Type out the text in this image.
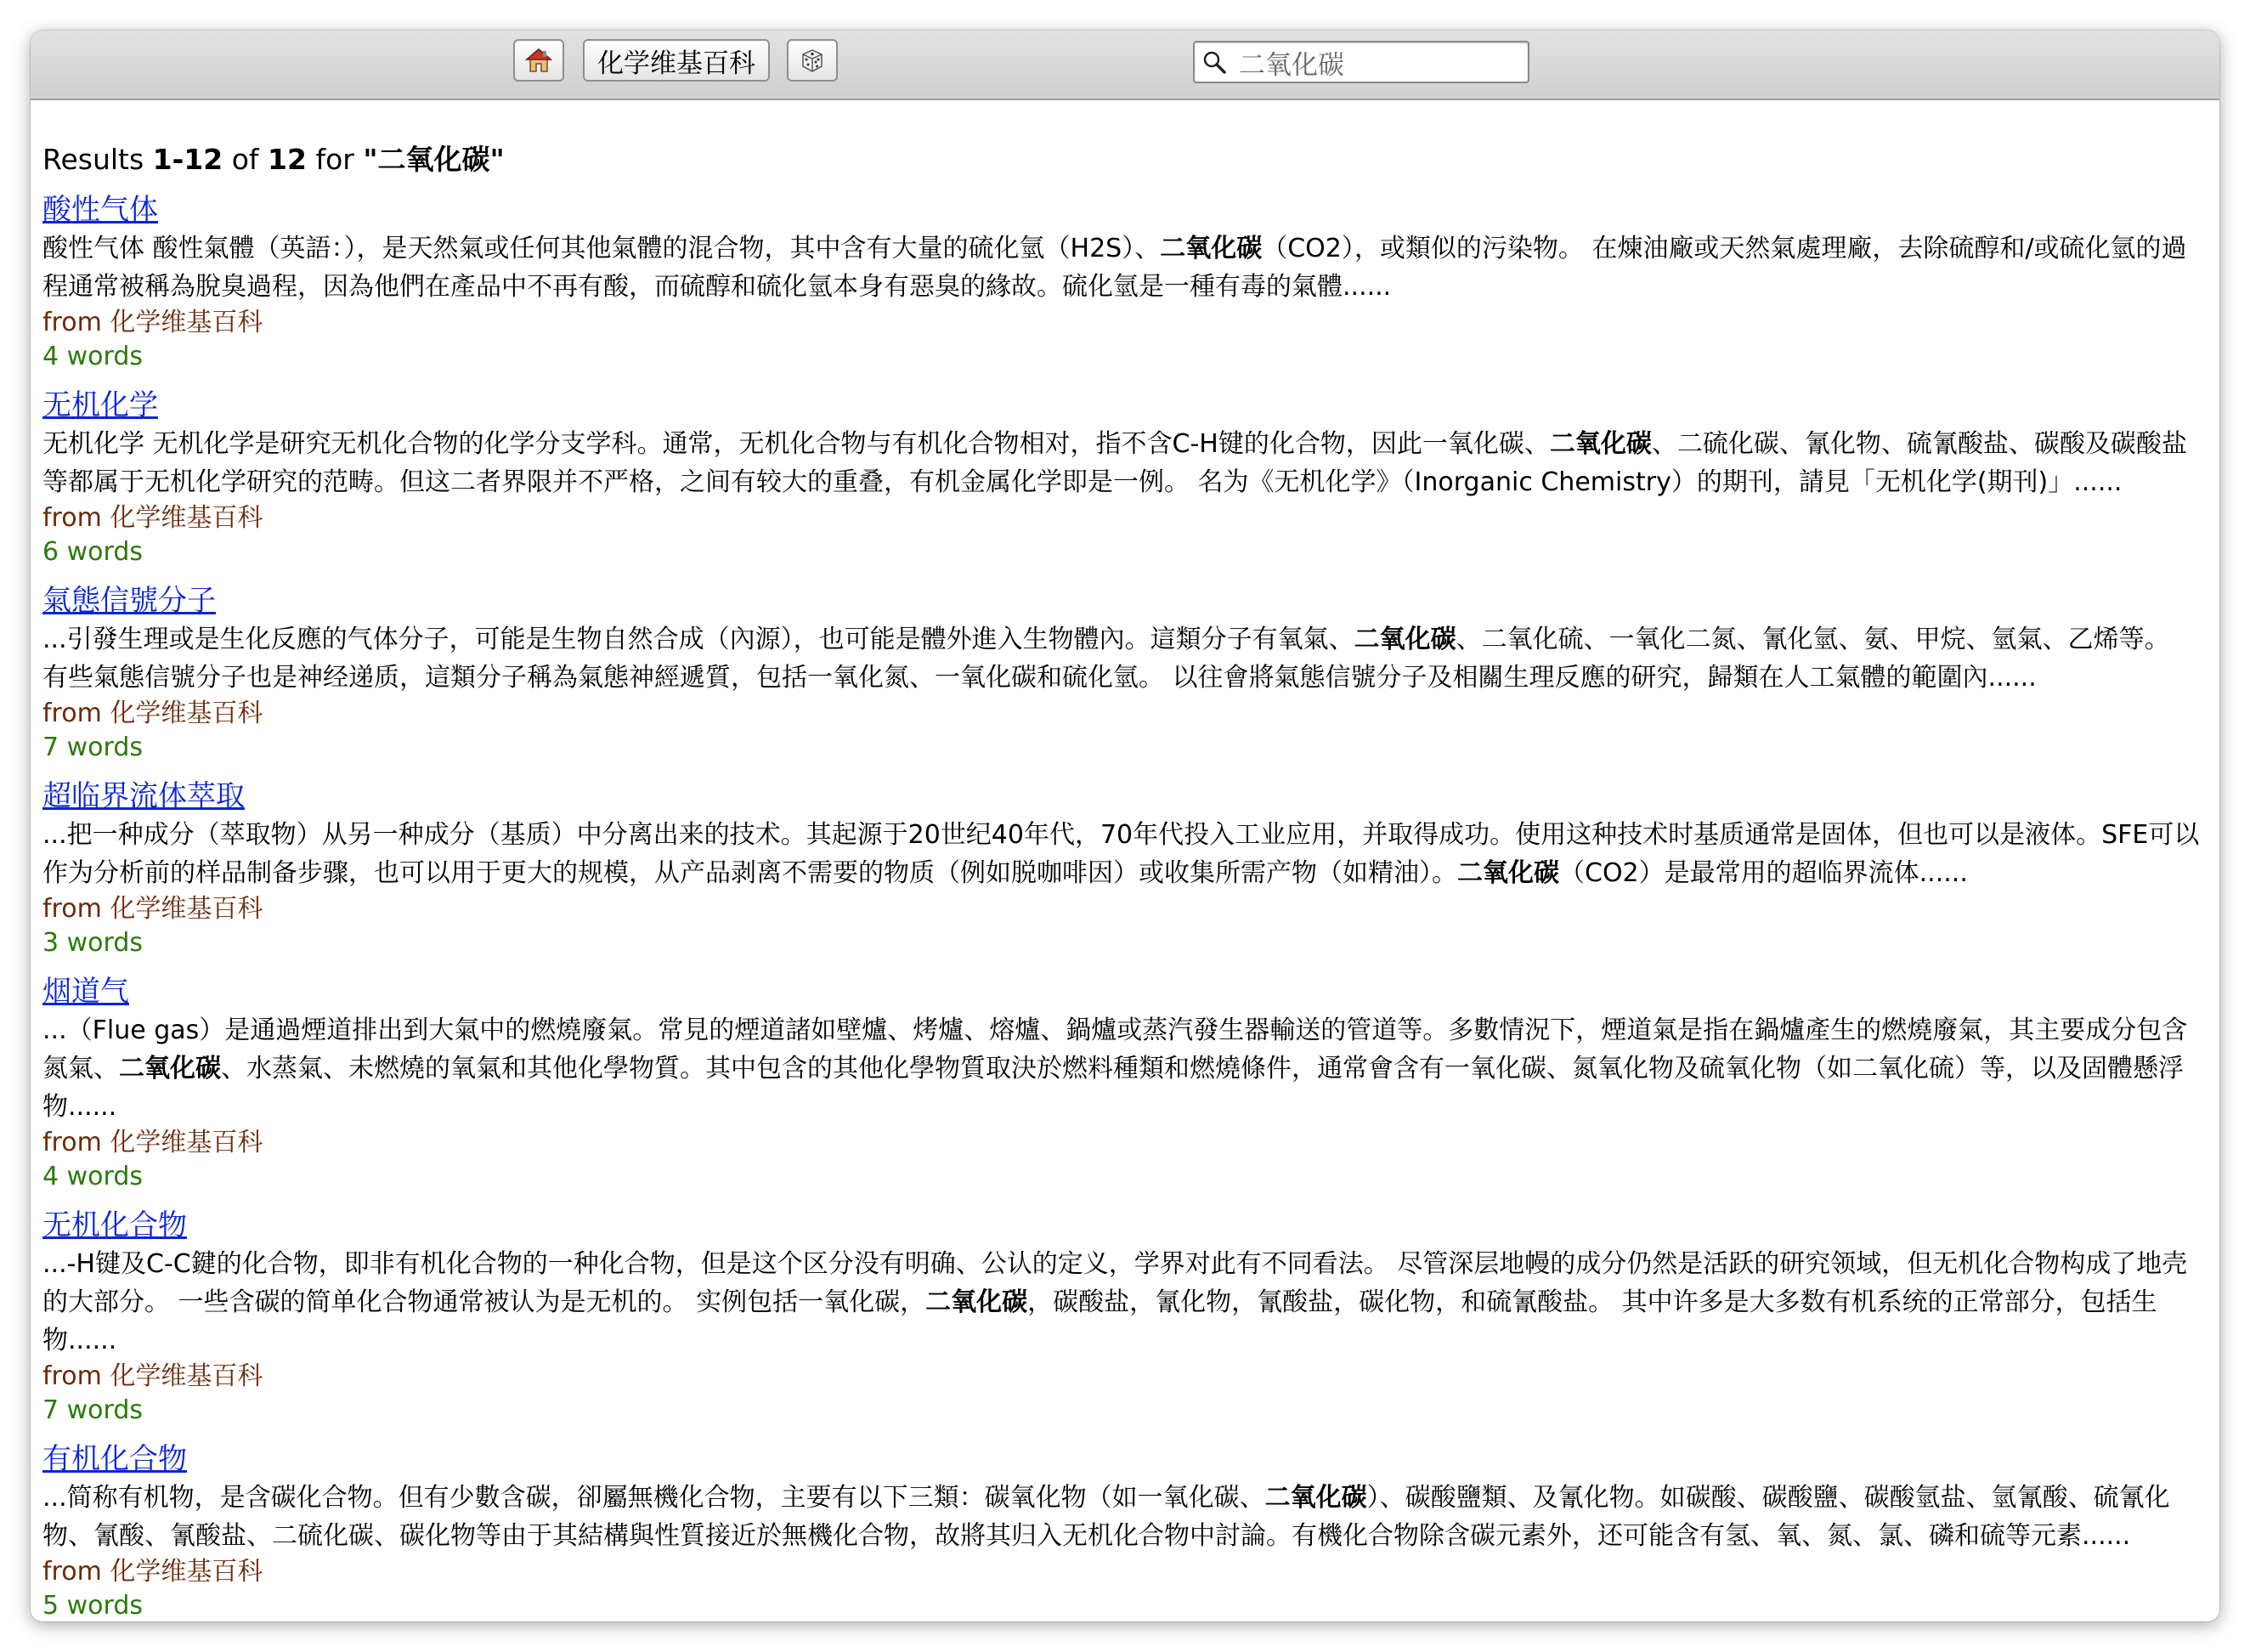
化学维基百科
二氧化碳
Results 1-12 of 12 for "二氧化碳"
酸性气体
酸性气体 酸性氣體（英語：），是天然氣或任何其他氣體的混合物，其中含有大量的硫化氫（H2S）、二氧化碳（CO2），或類似的污染物。 在煉油廠或天然氣處理廠，去除硫醇和/或硫化氫的過程通常被稱為脫臭過程，因為他們在產品中不再有酸，而硫醇和硫化氫本身有惡臭的緣故。硫化氫是一種有毒的氣體......
from 化学维基百科
4 words
无机化学
无机化学 无机化学是研究无机化合物的化学分支学科。通常，无机化合物与有机化合物相对，指不含C-H键的化合物，因此一氧化碳、二氧化碳、二硫化碳、氰化物、硫氰酸盐、碳酸及碳酸盐等都属于无机化学研究的范畴。但这二者界限并不严格，之间有较大的重叠，有机金属化学即是一例。 名为《无机化学》（Inorganic Chemistry）的期刊，請見「无机化学(期刊)」......
from 化学维基百科
6 words
氣態信號分子
...引發生理或是生化反應的气体分子，可能是生物自然合成（內源），也可能是體外進入生物體內。這類分子有氧氣、二氧化碳、二氧化硫、一氧化二氮、氰化氫、氨、甲烷、氫氣、乙烯等。 有些氣態信號分子也是神经递质，這類分子稱為氣態神經遞質，包括一氧化氮、一氧化碳和硫化氫。 以往會將氣態信號分子及相關生理反應的研究，歸類在人工氣體的範圍內......
from 化学维基百科
7 words
超临界流体萃取
...把一种成分（萃取物）从另一种成分（基质）中分离出来的技术。其起源于20世纪40年代，70年代投入工业应用，并取得成功。使用这种技术时基质通常是固体，但也可以是液体。SFE可以作为分析前的样品制备步骤，也可以用于更大的规模，从产品剥离不需要的物质（例如脱咖啡因）或收集所需产物（如精油）。二氧化碳（CO2）是最常用的超临界流体......
from 化学维基百科
3 words
烟道气
...（Flue gas）是通過煙道排出到大氣中的燃燒廢氣。常見的煙道諸如壁爐、烤爐、熔爐、鍋爐或蒸汽發生器輸送的管道等。多數情況下，煙道氣是指在鍋爐產生的燃燒廢氣，其主要成分包含氮氣、二氧化碳、水蒸氣、未燃燒的氧氣和其他化學物質。其中包含的其他化學物質取決於燃料種類和燃燒條件，通常會含有一氧化碳、氮氧化物及硫氧化物（如二氧化硫）等，以及固體懸浮物......
from 化学维基百科
4 words
无机化合物
...-H键及C-C鍵的化合物，即非有机化合物的一种化合物，但是这个区分没有明确、公认的定义，学界对此有不同看法。 尽管深层地幔的成分仍然是活跃的研究领域，但无机化合物构成了地壳的大部分。 一些含碳的简单化合物通常被认为是无机的。 实例包括一氧化碳，二氧化碳，碳酸盐，氰化物，氰酸盐，碳化物，和硫氰酸盐。 其中许多是大多数有机系统的正常部分，包括生物......
from 化学维基百科
7 words
有机化合物
...简称有机物，是含碳化合物。但有少數含碳，卻屬無機化合物，主要有以下三類：碳氧化物（如一氧化碳、二氧化碳）、碳酸鹽類、及氰化物。如碳酸、碳酸鹽、碳酸氫盐、氫氰酸、硫氰化物、氰酸、氰酸盐、二硫化碳、碳化物等由于其結構與性質接近於無機化合物，故將其归入无机化合物中討論。有機化合物除含碳元素外，还可能含有氢、氧、氮、氯、磷和硫等元素......
from 化学维基百科
5 words
